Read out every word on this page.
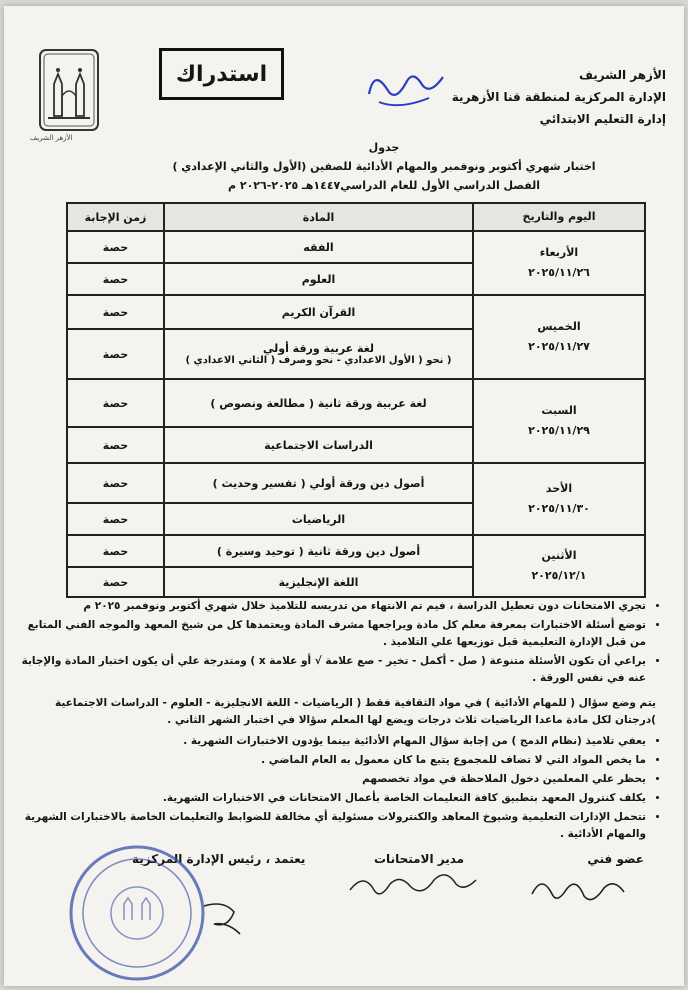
الأزهر الشريف
استدراك	الأزهر الشريف
الإدارة المركزية لمنطقة قنا الأزهرية
إدارة التعليم الابتدائي
جدول
اختبار شهري أكتوبر ونوفمبر والمهام الأدائية للصفين (الأول والثاني الإعدادي )
الفصل الدراسي الأول للعام الدراسي١٤٤٧هـ ٢٠٢٥-٢٠٢٦ م
اليوم والتاريخ	المادة	زمن الإجابة

الأربعاء
٢٠٢٥/١١/٢٦	الفقه	حصة
	العلوم	حصة

الخميس
٢٠٢٥/١١/٢٧	القرآن الكريم	حصة

	لغة عربية ورقة أولي
( نحو ( الأول الاعدادي - نحو وصرف ( الثاني الاعدادي )	حصة

السبت
٢٠٢٥/١١/٢٩	لغة عربية ورقة ثانية ( مطالعة ونصوص )	حصة
	الدراسات الاجتماعية	حصة

الأحد
٢٠٢٥/١١/٣٠	أصول دين ورقة أولي ( تفسير وحديث )	حصة
	الرياضيات	حصة

الأثنين
٢٠٢٥/١٢/١	أصول دين ورقة ثانية ( توحيد وسيرة )	حصة
	اللغة الإنجليزية	حصة
• تجري الامتحانات دون تعطيل الدراسة ، فيم تم الانتهاء من تدريسه للتلاميذ خلال شهري أكتوبر ونوفمبر ٢٠٢٥ م
• توضع أسئلة الاختبارات بمعرفة معلم كل مادة ويراجعها مشرف المادة ويعتمدها كل من شيخ المعهد والموجه الفني المتابع من قبل الإدارة التعليمية قبل توزيعها علي التلاميذ .
• يراعي أن تكون الأسئلة متنوعة ( صل - أكمل - تخير - صع علامة √ أو علامة x ) ومتدرجة علي أن يكون اختبار المادة والإجابة عنه في نفس الورقة .
يتم وضع سؤال ( للمهام الأدائية ) في مواد الثقافية فقط ( الرياضيات - اللغة الانجليزية - العلوم - الدراسات الاجتماعية )درجتان لكل مادة ماعدا الرياضيات ثلاث درجات ويضع لها المعلم سؤالا في اختبار الشهر الثاني .
• يعفي تلاميذ (نظام الدمج ) من إجابة سؤال المهام الأدائية بينما يؤدون الاختبارات الشهرية .
• ما يخص المواد التي لا تضاف للمجموع يتبع ما كان معمول به العام الماضي .
• يحظر علي المعلمين دخول الملاحظة في مواد تخصصهم
• يكلف كنترول المعهد بتطبيق كافة التعليمات الخاصة بأعمال الامتحانات في الاختبارات الشهرية.
• تتحمل الإدارات التعليمية وشيوخ المعاهد والكنترولات مسئولية أي مخالفة للضوابط والتعليمات الخاصة بالاختبارات الشهرية والمهام الأدائية .
عضو فني
مدير الامتحانات
يعتمد ، رئيس الإدارة المركزية
